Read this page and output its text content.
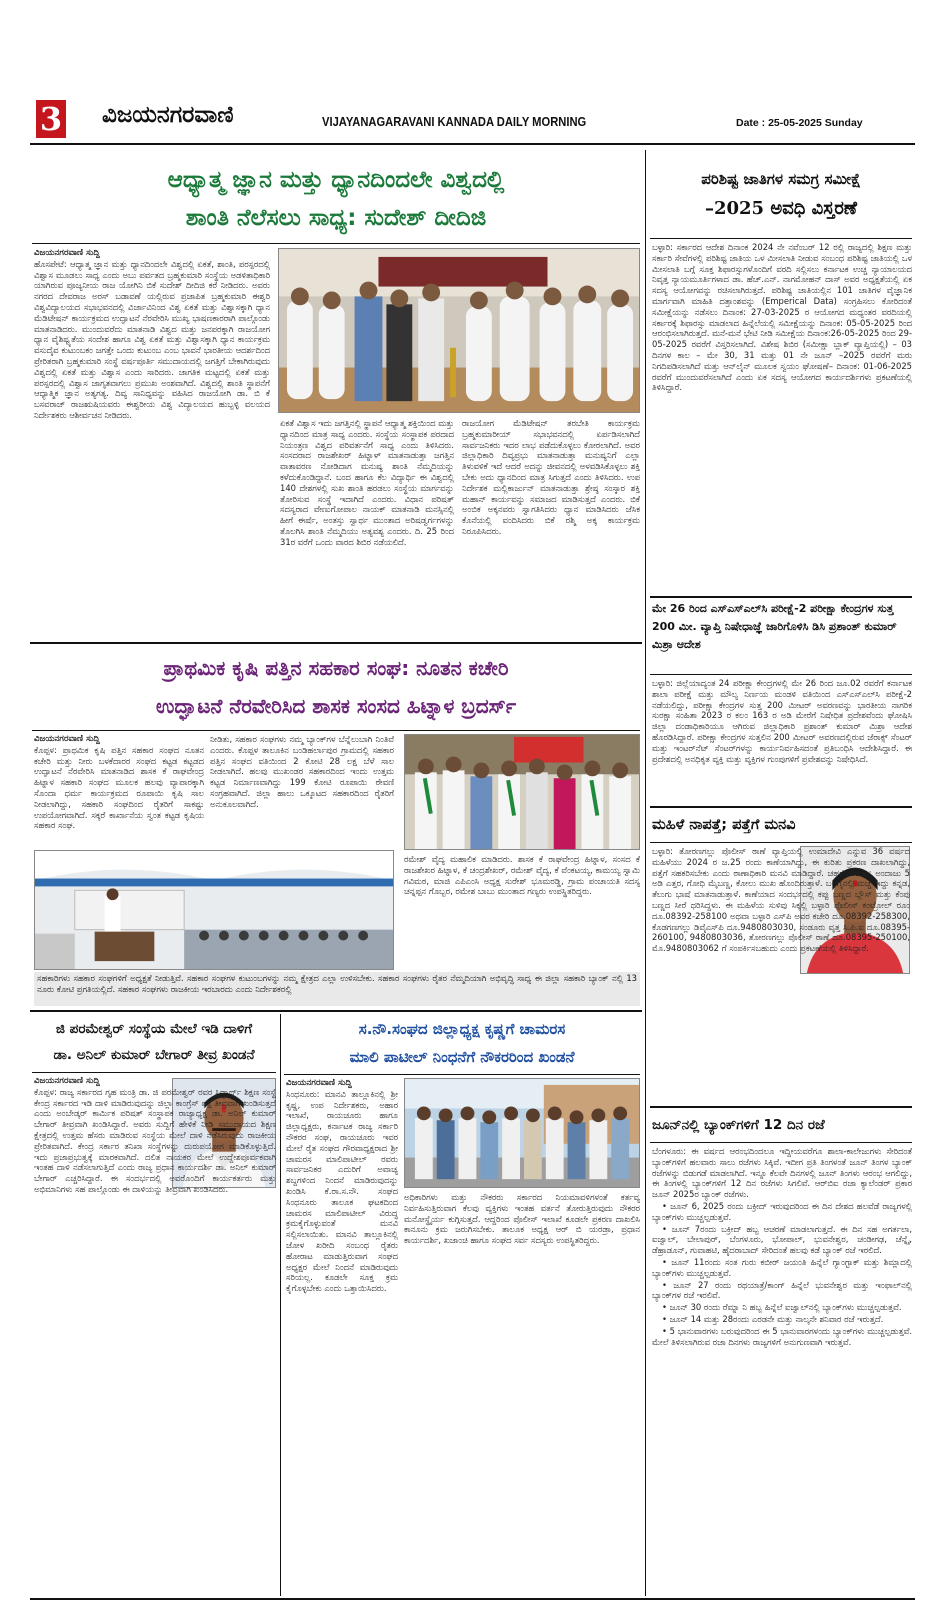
3 ವಿಜಯನಗರವಾಣಿ	VIJAYANAGARAVANI KANNADA DAILY MORNING	Date : 25-05-2025 Sunday
ಆಧ್ಯಾತ್ಮ ಜ್ಞಾನ ಮತ್ತು ಧ್ಯಾನದಿಂದಲೇ ವಿಶ್ವದಲ್ಲಿ
ಶಾಂತಿ ನೆಲೆಸಲು ಸಾಧ್ಯ: ಸುದೇಶ್ ದೀದಿಜಿ
ವಿಜಯನಗರವಾಣಿ ಸುದ್ದಿ

ಹೊಸಪೇಟೆ: ಆಧ್ಯಾತ್ಮ ಜ್ಞಾನ ಮತ್ತು ಧ್ಯಾನದಿಂದಲೇ ವಿಶ್ವದಲ್ಲಿ ಏಕತೆ, ಶಾಂತಿ, ಪರಸ್ಪರದಲ್ಲಿ ವಿಶ್ವಾಸ ಮೂಡಲು ಸಾಧ್ಯ ಎಂದು ಅಬು ಪರ್ವತದ ಬ್ರಹ್ಮಕುಮಾರಿ ಸಂಸ್ಥೆಯ ಅಡಳಿತಾಧಿಕಾರಿ ಯಾಗಿರುವ ಪೂಜ್ಯನೀಯ ರಾಜ ಯೋಗಿನಿ ಬಿಕೆ ಸುದೇಶ್ ದೀದಿಜಿ ಕರೆ ನೀಡಿದರು. ಅವರು ನಗರದ ದೇವರಾಜ ಅರಸ್ ಬಡಾವಣೆ ಯಲ್ಲಿರುವ ಪ್ರಜಾಪಿತ ಬ್ರಹ್ಮಕುಮಾರಿ ಈಶ್ವರಿ ವಿಶ್ವವಿದ್ಯಾಲಯದ ಸಭಾಭವನದಲ್ಲಿ ವಿರ್ಜಾವಿನಿಂದ ವಿಶ್ವ ಏಕತೆ ಮತ್ತು ವಿಶ್ವಾಸಕ್ಕಾಗಿ ಧ್ಯಾನ ಮೆಡಿಟೇಷನ್ ಕಾರ್ಯಕ್ರಮದ ಉದ್ಘಾಟನೆ ನೆರವೇರಿಸಿ ಮುಖ್ಯ ಭಾಷಣಕಾರರಾಗಿ ಪಾಲ್ಗೊಂಡು ಮಾತನಾಡಿದರು. ಮುಂದುವರೆದು ಮಾತನಾಡಿ ವಿಶ್ವದ ಮತ್ತು ಜನಪರಕ್ಕಾಗಿ ರಾಜಯೋಗ ಧ್ಯಾನ ವೈಶಿಷ್ಟ್ಯತೆಯ ಸಂದೇಶ ಹಾಗೂ ವಿಶ್ವ ಏಕತೆ ಮತ್ತು ವಿಶ್ವಾಸಕ್ಕಾಗಿ ಧ್ಯಾನ ಕಾರ್ಯಕ್ರಮ ವಸುದೈವ ಕುಟುಂಬಕಂ ಜಗತ್ತೇ ಒಂದು ಕುಟುಂಬ ಎಂಬ ಭಾವನೆ ಭಾರತೀಯ ಆದರ್ಶದಿಂದ ಪ್ರೇರಿತರಾಗಿ ಬ್ರಹ್ಮಕುಮಾರಿ ಸಂಸ್ಥೆ ವರ್ಷಪೂರ್ತಿ ಸಮುದಾಯದಲ್ಲಿ ಜಗತ್ತಿಗೆ ಬೇಕಾಗಿರುವುದು ವಿಶ್ವದಲ್ಲಿ ಏಕತೆ ಮತ್ತು ವಿಶ್ವಾಸ ಎಂದು ಸಾರಿದರು. ಜಾಗತಿಕ ಮಟ್ಟದಲ್ಲಿ ಏಕತೆ ಮತ್ತು ಪರಸ್ಪರದಲ್ಲಿ ವಿಶ್ವಾಸ ಜಾಗೃತವಾಗಲು ಪ್ರಮುಖ ಅಂಶವಾಗಿದೆ. ವಿಶ್ವದಲ್ಲಿ ಶಾಂತಿ ಸ್ಥಾಪನೆಗೆ ಆಧ್ಯಾತ್ಮಿಕ ಜ್ಞಾನ ಅತ್ಯಗತ್ಯ. ದಿವ್ಯ ಸಾನಿಧ್ಯವನ್ನು ವಹಿಸಿದ ರಾಜಯೋಗಿ ಡಾ. ಬಿ ಕೆ ಬಸವರಾಜ್ ರಾಜಋಷಿಯವರು ಈಶ್ವರೀಯ ವಿಶ್ವ ವಿದ್ಯಾಲಯದ ಹುಬ್ಬಳ್ಳಿ ವಲಯದ ನಿರ್ದೇಶಕರು ಆಶೀರ್ವಚನ ನೀಡಿದರು.

ಏಕತೆ ವಿಶ್ವಾಸ ಇದು ಜಗತ್ತಿನಲ್ಲಿ ಸ್ಥಾಪನೆ ಆಧ್ಯಾತ್ಮ ಶಕ್ತಿಯಿಂದ ಮತ್ತು ಧ್ಯಾನದಿಂದ ಮಾತ್ರ ಸಾಧ್ಯ ಎಂದರು. ಸಂಸ್ಥೆಯ ಸಂಸ್ಥಾಪಕ ಪರದಾದ ನಿಯಂತ್ರಣ ವಿಶ್ವದ ಪರಿವರ್ತನೆಗೆ ಸಾಧ್ಯ ಎಂದು ತಿಳಿಸಿದರು. ಸಂಸದರಾದ ರಾಜಶೇಖರ್ ಹಿಟ್ನಾಳ್ ಮಾತನಾಡುತ್ತಾ ಜಗತ್ತಿನ ವಾತಾವರಣ ನೋಡಿದಾಗ ಮನುಷ್ಯ ಶಾಂತಿ ನೆಮ್ಮದಿಯನ್ನು ಕಳೆದುಕೊಂಡಿದ್ದಾನೆ. ಬಂದ ಹಾಗೂ ಕೆಲ ವಿದ್ಯಾರ್ಥಿ ಈ ವಿಶ್ವದಲ್ಲಿ 140 ದೇಶಗಳಲ್ಲಿ ಸುಖ ಶಾಂತಿ ಹರಡಲು ಸಂಸ್ಥೆಯ ಮಾರ್ಗವನ್ನು ತೋರಿಸುವ ಸಂಸ್ಥೆ ಇದಾಗಿದೆ ಎಂದರು. ವಿಧಾನ ಪರಿಷತ್ ಸದಸ್ಯರಾದ ವೇಣುಗೋಪಾಲ ನಾಯಕ್ ಮಾತನಾಡಿ ಮನಸ್ಸಿನಲ್ಲಿ ಹೀಗೆ ಈರ್ಷೆ, ಅಂತಸ್ತು ಸ್ವಾರ್ಥ ಮುಂತಾದ ಅರಿಷಡ್ವರ್ಗಗಳನ್ನು ತೊಲಗಿಸಿ ಶಾಂತಿ ನೆಮ್ಮದಿಯು ಅತ್ಯವಶ್ಯ ಎಂದರು. ದಿ. 25 ರಿಂದ 31ರ ವರೆಗೆ ಒಂದು ವಾರದ ಶಿಬಿರ ನಡೆಯಲಿದೆ.

ರಾಜಯೋಗ ಮೆಡಿಟೇಷನ್ ತರಬೇತಿ ಕಾರ್ಯಕ್ರಮ ಬ್ರಹ್ಮಕುಮಾರೀಯ್ ಸಭಾಭವನದಲ್ಲಿ ಏರ್ಪಡಿಸಲಾಗಿದೆ ಸಾರ್ವಜನಿಕರು ಇದರ ಲಾಭ ಪಡೆದುಕೊಳ್ಳಲು ಕೋರಲಾಗಿದೆ. ಅವರ ಜಿಲ್ಲಾಧಿಕಾರಿ ದಿವ್ಯಪ್ರಭು ಮಾತನಾಡುತ್ತಾ ಮನುಷ್ಯನಿಗೆ ಎಲ್ಲಾ ತಿಳುವಳಿಕೆ ಇದೆ ಆದರೆ ಅದನ್ನು ಜೀವನದಲ್ಲಿ ಅಳವಡಿಸಿಕೊಳ್ಳಲು ಶಕ್ತಿ ಬೇಕು ಅದು ಧ್ಯಾನದಿಂದ ಮಾತ್ರ ಸಿಗುತ್ತದೆ ಎಂದು ತಿಳಿಸಿದರು. ಉಪ ನಿರ್ದೇಶಕ ಮಲ್ಲಿಕಾರ್ಜುನ್ ಮಾತನಾಡುತ್ತಾ ಶ್ರೇಷ್ಠ ಸಂಸ್ಕಾರ ಶಕ್ತಿ ಮಹಾನ್ ಕಾರ್ಯವನ್ನು ಸಮಾಜದ ಮಾಡಿಸುತ್ತದೆ ಎಂದರು. ಬಿಕೆ ಅಂಬಿಕ ಅಕ್ಕನವರು ಸ್ವಾಗತಿಸಿದರು ಧ್ಯಾನ ಮಾಡಿಸಿದರು ಜೆಸಿಕ ಕೊನೆಯಲ್ಲಿ ವಂದಿಸಿದರು ಬಿಕೆ ರಶ್ಮಿ ಅಕ್ಕ ಕಾರ್ಯಕ್ರಮ ನಿರೂಪಿಸಿದರು.

ಪ್ರಾಥಮಿಕ ಕೃಷಿ ಪತ್ತಿನ ಸಹಕಾರ ಸಂಘ: ನೂತನ ಕಚೇರಿ
ಉದ್ಘಾಟನೆ ನೆರವೇರಿಸಿದ ಶಾಸಕ ಸಂಸದ ಹಿಟ್ನಾಳ ಬ್ರದರ್ಸ್
ವಿಜಯನಗರವಾಣಿ ಸುದ್ದಿ

ಕೊಪ್ಪಳ: ಪ್ರಾಥಮಿಕ ಕೃಷಿ ಪತ್ತಿನ ಸಹಕಾರ ಸಂಘದ ನೂತನ ಕಚೇರಿ ಮತ್ತು ನೀರು ಬಳಕೆದಾರರ ಸಂಘದ ಕಟ್ಟಡ ಕಟ್ಟಡದ ಉದ್ಘಾಟನೆ ನೆರವೇರಿಸಿ ಮಾತನಾಡಿದ ಶಾಸಕ ಕೆ ರಾಘವೇಂದ್ರ ಹಿಟ್ನಾಳ ಸಹಕಾರಿ ಸಂಘದ ಮೂಲಕ ಹಲವು ವ್ಯಾಪಾರಕ್ಕಾಗಿ ಸೊಂದಾ ಧರ್ಮ ಕಾರ್ಯಕ್ರಮದ ರೂಪಾಯಿ ಕೃಷಿ ಸಾಲ ನೀಡಲಾಗಿದ್ದು, ಸಹಕಾರಿ ಸಂಘದಿಂದ ರೈತರಿಗೆ ಸಾಕಷ್ಟು ಉಪಯೋಗವಾಗಿದೆ. ಸಕ್ಕರೆ ಕಾರ್ಖಾನೆಯ ಸ್ವಂತ ಕಟ್ಟಡ ಕೃಷಿಯ ಸಹಕಾರ ಸಂಘ.

ನೀಡಿತು, ಸಹಕಾರ ಸಂಘಗಳು ನಮ್ಮ ಬ್ಯಾಂಕ್‌ಗಳ ಬೆನ್ನೆಲುಬಾಗಿ ನಿಂತಿವೆ ಎಂದರು. ಕೊಪ್ಪಳ ತಾಲೂಕಿನ ಬಂಡಿಹರ್ಲಾಪುರ ಗ್ರಾಮದಲ್ಲಿ ಸಹಕಾರ ಪತ್ತಿನ ಸಂಘದ ವತಿಯಿಂದ 2 ಕೋಟಿ 28 ಲಕ್ಷ ಬೆಳೆ ಸಾಲ ನೀಡಲಾಗಿದೆ. ಹಲವು ಮುಖಂಡರ ಸಹಕಾರದಿಂದ ಇಂದು ಉತ್ತಮ ಕಟ್ಟಡ ನಿರ್ಮಾಣವಾಗಿದ್ದು 199 ಕೋಟಿ ರೂಪಾಯಿ ಠೇವಣಿ ಸಂಗ್ರಹವಾಗಿದೆ. ಜಿಲ್ಲಾ ಹಾಲು ಒಕ್ಕೂಟದ ಸಹಕಾರದಿಂದ ರೈತರಿಗೆ ಅನುಕೂಲವಾಗಿದೆ.

ರಮೇಶ್ ವೈದ್ಯ ಮಹಾಲಿಕ ಮಾಡಿದರು. ಶಾಸಕ ಕೆ ರಾಘವೇಂದ್ರ ಹಿಟ್ನಾಳ, ಸಂಸದ ಕೆ ರಾಜಶೇಖರ ಹಿಟ್ನಾಳ, ಕೆ ಚಂದ್ರಶೇಖರ್, ರಮೇಶ್ ವೈದ್ಯ, ಕೆ ವೆಂಕಟಯ್ಯ, ಕಾಮಯ್ಯ ಸ್ವಾಮಿ ಗವಿಮಠ, ಮಾಜಿ ಎಪಿಎಂಸಿ ಅಧ್ಯಕ್ಷ ಸುರೇಶ್ ಭೂಮರಡ್ಡಿ, ಗ್ರಾಮ ಪಂಚಾಯತಿ ಸದಸ್ಯ ಚನ್ನಪ್ಪನ ಗೊಬ್ಬರ, ರಮೇಶ ಬಾಬು ಮುಂತಾದ ಗಣ್ಯರು ಉಪಸ್ಥಿತರಿದ್ದರು.

ಸಹಕಾರಿಗಳು ಸಹಕಾರ ಸಂಘಗಳಿಗೆ ಅಧ್ಯಕ್ಷತೆ ನೀಡುತ್ತಿವೆ. ಸಹಕಾರ ಸಂಘಗಳ ಕುಟುಂಬಗಳನ್ನು ನಮ್ಮ ಕ್ಷೇತ್ರದ ಎಲ್ಲಾ ಉಳಿಸಬೇಕು. ಸಹಕಾರ ಸಂಘಗಳು ರೈತರ ನೆಮ್ಮದಿಯಾಗಿ ಅಭಿವೃದ್ಧಿ ಸಾಧ್ಯ ಈ ಜಿಲ್ಲಾ ಸಹಕಾರಿ ಬ್ಯಾಂಕ್ ನಲ್ಲಿ 13 ನೂರು ಕೋಟಿ ಪ್ರಗತಿಯಲ್ಲಿದೆ. ಸಹಕಾರ ಸಂಘಗಳು ರಾಜಕೀಯ ಇರಬಾರದು ಎಂದು ನಿರ್ದೇಶಕರಲ್ಲಿ
ಜಿ ಪರಮೇಶ್ವರ್ ಸಂಸ್ಥೆಯ ಮೇಲೆ ಇಡಿ ದಾಳಿಗೆ
ಡಾ. ಅನಿಲ್ ಕುಮಾರ್ ಬೇಗಾರ್ ತೀವ್ರ ಖಂಡನೆ
ವಿಜಯನಗರವಾಣಿ ಸುದ್ದಿ

ಕೊಪ್ಪಳ: ರಾಜ್ಯ ಸರ್ಕಾರದ ಗೃಹ ಮಂತ್ರಿ ಡಾ. ಜಿ ಪರಮೇಶ್ವರ್ ರವರ ಸಿದ್ಧಾರ್ಥ್ ಶಿಕ್ಷಣ ಸಂಸ್ಥೆ ಕೇಂದ್ರ ಸರ್ಕಾರದ ಇಡಿ ದಾಳಿ ಮಾಡಿರುವುದನ್ನು ಜಿಲ್ಲಾ ಕಾಂಗ್ರೆಸ್ ಪಕ್ಷ ತೀವ್ರವಾಗಿ ಖಂಡಿಸುತ್ತದೆ ಎಂದು ಅಂಬೇಡ್ಕರ್ ಕಾರ್ಮಿಕ ಪರಿಷತ್ ಸಂಸ್ಥಾಪಕ ರಾಜ್ಯಾಧ್ಯಕ್ಷ ಡಾ. ಅನಿಲ್ ಕುಮಾರ್ ಬೇಗಾರ್ ತೀವ್ರವಾಗಿ ಖಂಡಿಸಿದ್ದಾರೆ. ಅವರು ಸುದ್ದಿಗೆ ಹೇಳಿಕೆ ನೀಡಿ ಸಮುದಾಯದ ಶಿಕ್ಷಣ ಕ್ಷೇತ್ರದಲ್ಲಿ ಉತ್ತಮ ಹೆಸರು ಮಾಡಿರುವ ಸಂಸ್ಥೆಯ ಮೇಲೆ ದಾಳಿ ನಡೆಸಿರುವುದು ರಾಜಕೀಯ ಪ್ರೇರಿತವಾಗಿದೆ. ಕೇಂದ್ರ ಸರ್ಕಾರ ತನಿಖಾ ಸಂಸ್ಥೆಗಳನ್ನು ದುರುಪಯೋಗ ಮಾಡಿಕೊಳ್ಳುತ್ತಿದೆ. ಇದು ಪ್ರಜಾಪ್ರಭುತ್ವಕ್ಕೆ ಮಾರಕವಾಗಿದೆ. ದಲಿತ ನಾಯಕರ ಮೇಲೆ ಉದ್ದೇಶಪೂರ್ವಕವಾಗಿ ಇಂತಹ ದಾಳಿ ನಡೆಸಲಾಗುತ್ತಿದೆ ಎಂದು ರಾಜ್ಯ ಪ್ರಧಾನ ಕಾರ್ಯದರ್ಶಿ ಡಾ. ಅನಿಲ್ ಕುಮಾರ್ ಬೇಗಾರ್ ಎಚ್ಚರಿಸಿದ್ದಾರೆ. ಈ ಸಂದರ್ಭದಲ್ಲಿ ಅವರೊಂದಿಗೆ ಕಾರ್ಯಕರ್ತರು ಮತ್ತು ಅಭಿಮಾನಿಗಳು ಸಹ ಪಾಲ್ಗೊಂಡು ಈ ದಾಳಿಯನ್ನು ತೀವ್ರವಾಗಿ ಖಂಡಿಸಿದರು.

ಸ.ನೌ.ಸಂಘದ ಜಿಲ್ಲಾಧ್ಯಕ್ಷ ಕೃಷ್ಣಗೆ ಚಾಮರಸ
ಮಾಲಿ ಪಾಟೀಲ್ ನಿಂಧನೆಗೆ ನೌಕರರಿಂದ ಖಂಡನೆ
ವಿಜಯನಗರವಾಣಿ ಸುದ್ದಿ

ಸಿಂಧನೂರು: ಮಾನವಿ ತಾಲ್ಲೂಕಿನಲ್ಲಿ ಶ್ರೀ ಕೃಷ್ಣ, ಉಪ ನಿರ್ದೇಶಕರು, ಅಹಾರ ಇಲಾಖೆ, ರಾಯಚೂರು ಹಾಗೂ ಜಿಲ್ಲಾಧ್ಯಕ್ಷರು, ಕರ್ನಾಟಕ ರಾಜ್ಯ ಸರ್ಕಾರಿ ನೌಕರರ ಸಂಘ, ರಾಯಚೂರು ಇವರ ಮೇಲೆ ರೈತ ಸಂಘದ ಗೌರವಾಧ್ಯಕ್ಷರಾದ ಶ್ರೀ ಚಾಮರಸ ಮಾಲಿಪಾಟೀಲ್ ರವರು ಸಾರ್ವಜನಿಕರ ಎದುರಿಗೆ ಅವಾಚ್ಯ ಶಬ್ದಗಳಿಂದ ನಿಂದನೆ ಮಾಡಿರುವುದನ್ನು ಖಂಡಿಸಿ ಕೆ.ರಾ.ಸ.ನೌ. ಸಂಘದ ಸಿಂಧನೂರು ತಾಲೂಕ ಘಟಕದಿಂದ ಚಾಮರಸ ಮಾಲಿಪಾಟೀಲ್ ವಿರುದ್ಧ ಕ್ರಮಕೈಗೊಳ್ಳುವಂತೆ ಮನವಿ ಸಲ್ಲಿಸಲಾಯಿತು. ಮಾನವಿ ತಾಲ್ಲೂಕಿನಲ್ಲಿ ಜೋಳ ಖರೀದಿ ಸಂಬಂಧ ರೈತರು ಹೋರಾಟ ಮಾಡುತ್ತಿರುವಾಗ ಸಂಘದ ಅಧ್ಯಕ್ಷರ ಮೇಲೆ ನಿಂದನೆ ಮಾಡಿರುವುದು ಸರಿಯಲ್ಲ. ಕೂಡಲೇ ಸೂಕ್ತ ಕ್ರಮ ಕೈಗೊಳ್ಳಬೇಕು ಎಂದು ಒತ್ತಾಯಿಸಿದರು.

ಅಧಿಕಾರಿಗಳು ಮತ್ತು ನೌಕರರು ಸರ್ಕಾರದ ನಿಯಮಾವಳಿಗಳಂತೆ ಕರ್ತವ್ಯ ನಿರ್ವಹಿಸುತ್ತಿರುವಾಗ ಕೆಲವು ವ್ಯಕ್ತಿಗಳು ಇಂತಹ ವರ್ತನೆ ತೋರುತ್ತಿರುವುದು ನೌಕರರ ಮನೋಸ್ಥೈರ್ಯ ಕುಗ್ಗಿಸುತ್ತದೆ. ಆದ್ದರಿಂದ ಪೊಲೀಸ್ ಇಲಾಖೆ ಕೂಡಲೇ ಪ್ರಕರಣ ದಾಖಲಿಸಿ ಕಾನೂನು ಕ್ರಮ ಜರುಗಿಸಬೇಕು. ತಾಲೂಕ ಅಧ್ಯಕ್ಷ ಆರ್ ಬಿ ಯರಡ್ರಾ, ಪ್ರಧಾನ ಕಾರ್ಯದರ್ಶಿ, ಖಜಾಂಚಿ ಹಾಗೂ ಸಂಘದ ಸರ್ವ ಸದಸ್ಯರು ಉಪಸ್ಥಿತರಿದ್ದರು.

ಪರಿಶಿಷ್ಟ ಜಾತಿಗಳ ಸಮಗ್ರ ಸಮೀಕ್ಷೆ
–2025 ಅವಧಿ ವಿಸ್ತರಣೆ

ಬಳ್ಳಾರಿ: ಸರ್ಕಾರದ ಆದೇಶ ದಿನಾಂಕ 2024 ನೇ ನವೆಂಬರ್ 12 ರಲ್ಲಿ ರಾಜ್ಯದಲ್ಲಿ ಶಿಕ್ಷಣ ಮತ್ತು ಸರ್ಕಾರಿ ಸೇವೆಗಳಲ್ಲಿ ಪರಿಶಿಷ್ಟ ಜಾತಿಯ ಒಳ ಮೀಸಲಾತಿ ನೀಡುವ ಸಂಬಂಧ ಪರಿಶಿಷ್ಟ ಜಾತಿಯಲ್ಲಿ ಒಳ ಮೀಸಲಾತಿ ಬಗ್ಗೆ ಸೂಕ್ತ ಶಿಫಾರಸ್ಸುಗಳೊಂದಿಗೆ ವರದಿ ಸಲ್ಲಿಸಲು ಕರ್ನಾಟಕ ಉಚ್ಚ ನ್ಯಾಯಾಲಯದ ನಿವೃತ್ತ ನ್ಯಾಯಮೂರ್ತಿಗಳಾದ ಡಾ. ಹೆಚ್.ಎನ್. ನಾಗಮೋಹನ್ ದಾಸ್ ಅವರ ಅಧ್ಯಕ್ಷತೆಯಲ್ಲಿ ಏಕ ಸದಸ್ಯ ಆಯೋಗವನ್ನು ರಚಿಸಲಾಗಿರುತ್ತದೆ. ಪರಿಶಿಷ್ಟ ಜಾತಿಯಲ್ಲಿನ 101 ಜಾತಿಗಳ ವೈಜ್ಞಾನಿಕ ಮಾರ್ಗವಾಗಿ ಮಾಹಿತಿ ದತ್ತಾಂಶವನ್ನು (Emperical Data) ಸಂಗ್ರಹಿಸಲು ಕೋರಿದಂತೆ ಸಮೀಕ್ಷೆಯನ್ನು ನಡೆಸಲು ದಿನಾಂಕ: 27-03-2025 ರ ಆಯೋಗದ ಮಧ್ಯಂತರ ವರದಿಯಲ್ಲಿ ಸರ್ಕಾರಕ್ಕೆ ಶಿಫಾರಸ್ಸು ಮಾಡಲಾದ ಹಿನ್ನೆಲೆಯಲ್ಲಿ ಸಮೀಕ್ಷೆಯನ್ನು ದಿನಾಂಕ: 05-05-2025 ರಿಂದ ಆರಂಭಿಸಲಾಗಿರುತ್ತದೆ. ಮನೆ-ಮನೆ ಭೇಟಿ ನೀಡಿ ಸಮೀಕ್ಷೆಯ ದಿನಾಂಕ:26-05-2025 ರಿಂದ 29-05-2025 ರವರೆಗೆ ವಿಸ್ತರಿಸಲಾಗಿದೆ. ವಿಶೇಷ ಶಿಬಿರ (ಸಮೀಕ್ಷಾ ಬ್ಲಾಕ್ ವ್ಯಾಪ್ತಿಯಲ್ಲಿ) – 03 ದಿನಗಳ ಕಾಲ – ಮೇ 30, 31 ಮತ್ತು 01 ನೇ ಜೂನ್ –2025 ರವರೆಗೆ ಮರು ನಿಗದಿಪಡಿಸಲಾಗಿದೆ ಮತ್ತು ಆನ್‌ಲೈನ್ ಮೂಲಕ ಸ್ವಯಂ ಘೋಷಣೆ– ದಿನಾಂಕ: 01-06-2025 ರವರೆಗೆ ಮುಂದುವರೆಸಲಾಗಿದೆ ಎಂದು ಏಕ ಸದಸ್ಯ ಆಯೋಗದ ಕಾರ್ಯದರ್ಶಿಗಳು ಪ್ರಕಟಣೆಯಲ್ಲಿ ತಿಳಿಸಿದ್ದಾರೆ.

ಮೇ 26 ರಿಂದ ಎಸ್‌ಎಸ್‌ಎಲ್‌ಸಿ ಪರೀಕ್ಷೆ-2 ಪರೀಕ್ಷಾ ಕೇಂದ್ರಗಳ ಸುತ್ತ 200 ಮೀ. ವ್ಯಾಪ್ತಿ ನಿಷೇಧಾಜ್ಞೆ ಜಾರಿಗೊಳಿಸಿ ಡಿಸಿ ಪ್ರಶಾಂತ್ ಕುಮಾರ್ ಮಿಶ್ರಾ ಆದೇಶ

ಬಳ್ಳಾರಿ: ಜಿಲ್ಲೆಯಾದ್ಯಂತ 24 ಪರೀಕ್ಷಾ ಕೇಂದ್ರಗಳಲ್ಲಿ ಮೇ 26 ರಿಂದ ಜೂ.02 ರವರೆಗೆ ಕರ್ನಾಟಕ ಶಾಲಾ ಪರೀಕ್ಷೆ ಮತ್ತು ಮೌಲ್ಯ ನಿರ್ಣಯ ಮಂಡಳಿ ವತಿಯಿಂದ ಎಸ್‌ಎಸ್‌ಎಲ್‌ಸಿ ಪರೀಕ್ಷೆ-2 ನಡೆಯಲಿದ್ದು, ಪರೀಕ್ಷಾ ಕೇಂದ್ರಗಳ ಸುತ್ತ 200 ಮೀಟರ್ ಅವರಣವನ್ನು ಭಾರತೀಯ ನಾಗರಿಕ ಸುರಕ್ಷಾ ಸಂಹಿತಾ 2023 ರ ಕಲಂ 163 ರ ಅಡಿ ಮೇರೆಗೆ ನಿಷೇಧಿತ ಪ್ರದೇಶವೆಂದು ಘೋಷಿಸಿ ಜಿಲ್ಲಾ ದಂಡಾಧಿಕಾರಿಯೂ ಆಗಿರುವ ಜಿಲ್ಲಾಧಿಕಾರಿ ಪ್ರಶಾಂತ್ ಕುಮಾರ್ ಮಿಶ್ರಾ ಆದೇಶ ಹೊರಡಿಸಿದ್ದಾರೆ. ಪರೀಕ್ಷಾ ಕೇಂದ್ರಗಳ ಸುತ್ತಲಿನ 200 ಮೀಟರ್ ಅವರಣದಲ್ಲಿರುವ ಜೆರಾಕ್ಸ್ ಸೆಂಟರ್ ಮತ್ತು ಇಂಟರ್‌ನೆಟ್ ಸೆಂಟರ್‌ಗಳನ್ನು ಕಾರ್ಯನಿರ್ವಹಿಸದಂತೆ ಪ್ರತಿಬಂಧಿಸಿ ಆದೇಶಿಸಿದ್ದಾರೆ. ಈ ಪ್ರದೇಶದಲ್ಲಿ ಅನಧಿಕೃತ ವ್ಯಕ್ತಿ ಮತ್ತು ವ್ಯಕ್ತಿಗಳ ಗುಂಪುಗಳಿಗೆ ಪ್ರವೇಶವನ್ನು ನಿಷೇಧಿಸಿದೆ.

ಮಹಿಳೆ ನಾಪತ್ತೆ; ಪತ್ತೆಗೆ ಮನವಿ

ಬಳ್ಳಾರಿ: ತೋರಣಗಲ್ಲು ಪೊಲೀಸ್ ಠಾಣೆ ವ್ಯಾಪ್ತಿಯಲ್ಲಿ ಉಮಾದೇವಿ ಎನ್ನುವ 36 ವರ್ಷದ ಮಹಿಳೆಯು 2024 ರ ಜ.25 ರಂದು ಕಾಣೆಯಾಗಿದ್ದು, ಈ ಕುರಿತು ಪ್ರಕರಣ ದಾಖಲಾಗಿದ್ದು, ಪತ್ತೆಗೆ ಸಹಕರಿಸಬೇಕು ಎಂದು ಠಾಣಾಧಿಕಾರಿ ಮನವಿ ಮಾಡಿದ್ದಾರೆ. ಚಹರೆ ಗುರುತು: ಅಂದಾಜು 5 ಅಡಿ ಎತ್ತರ, ಗೋಧಿ ಮೈಬಣ್ಣ, ಕೋಲು ಮುಖ ಹೊಂದಿರುತ್ತಾಳೆ. ಬಲಗೈನಲ್ಲಿ ಮಚ್ಚೆ ಇದ್ದು ಕನ್ನಡ, ತೆಲುಗು ಭಾಷೆ ಮಾತನಾಡುತ್ತಾಳೆ. ಕಾಣೆಯಾದ ಸಂದರ್ಭದಲ್ಲಿ ಕಪ್ಪು ಬಣ್ಣದ ಬ್ಲೌಸ್ ಮತ್ತು ಕೆಂಪು ಬಣ್ಣದ ಸೀರೆ ಧರಿಸಿದ್ದಳು. ಈ ಮಹಿಳೆಯ ಸುಳಿವು ಸಿಕ್ಕಲ್ಲಿ ಬಳ್ಳಾರಿ ಪೊಲೀಸ್ ಕಂಟ್ರೋಲ್ ರೂಂ ದೂ.08392-258100 ಅಥವಾ ಬಳ್ಳಾರಿ ಎಸ್‌ಪಿ ಅವರ ಕಚೇರಿ ದೂ.08392-258300, ಕೊಡಗಣಗಲ್ಲು ಡಿವೈಎಸ್‌ಪಿ ದೂ.9480803030, ಸಂಡೂರು ವೃತ್ತ ಸಿ.ಪಿ.ಐ ದೂ.08395-260100, 9480803036, ತೋರಣಗಲ್ಲು ಪೊಲೀಸ್ ಠಾಣೆ ದೂ.08395-250100, ಮೊ.9480803062 ಗೆ ಸಂಪರ್ಕಿಸಬಹುದು ಎಂದು ಪ್ರಕಟಣೆಯಲ್ಲಿ ತಿಳಿಸಿದ್ದಾರೆ.

ಜೂನ್‌ನಲ್ಲಿ ಬ್ಯಾಂಕ್‌ಗಳಿಗೆ 12 ದಿನ ರಜೆ

ಬೆಂಗಳೂರು: ಈ ವರ್ಷದ ಆರಂಭದಿಂದಲೂ ಇದ್ದೀಯವರೆಗೂ ಶಾಲಾ-ಕಾಲೇಜುಗಳು ಸೇರಿದಂತೆ ಬ್ಯಾಂಕ್‌ಗಳಿಗೆ ಹಲವಾರು ಸಾಲು ರಜೆಗಳು ಸಿಕ್ಕಿವೆ. ಇದೀಗ ಪ್ರತಿ ತಿಂಗಳಂತೆ ಜೂನ್ ತಿಂಗಳ ಬ್ಯಾಂಕ್ ರಜೆಗಳನ್ನು ಬಿಡುಗಡೆ ಮಾಡಲಾಗಿದೆ. ಇನ್ನೂ ಕೆಲವೇ ದಿನಗಳಲ್ಲಿ ಜೂನ್ ತಿಂಗಳು ಆರಂಭ ಆಗಲಿದ್ದು, ಈ ತಿಂಗಳಲ್ಲಿ ಬ್ಯಾಂಕ್‌ಗಳಿಗೆ 12 ದಿನ ರಜೆಗಳು ಸಿಗಲಿವೆ. ಆರ್‌ಬಿಐ ರಜಾ ಕ್ಯಾಲೆಂಡರ್ ಪ್ರಕಾರ ಜೂನ್ 2025ರ ಬ್ಯಾಂಕ್ ರಜೆಗಳು.

• ಜೂನ್ 6, 2025 ರಂದು ಬಕ್ರೀದ್ ಇರುವುದರಿಂದ ಈ ದಿನ ದೇಶದ ಹಲವೆಡೆ ರಾಜ್ಯಗಳಲ್ಲಿ ಬ್ಯಾಂಕ್‌ಗಳು ಮುಚ್ಚಲ್ಪಡುತ್ತವೆ.

• ಜೂನ್ 7ರಂದು ಬಕ್ರೀದ್ ಹಬ್ಬ ಆಚರಣೆ ಮಾಡಲಾಗುತ್ತದೆ. ಈ ದಿನ ಸಹ ಅಗರ್ತಲಾ, ಐಜ್ವಾಲ್, ಬೇಲಾಪುರ್, ಬೆಂಗಳೂರು, ಭೋಪಾಲ್, ಭುವನೇಶ್ವರ, ಚಂಡೀಗಢ, ಚೆನ್ನೈ, ಡೆಹ್ರಾಡೂನ್, ಗುವಾಹಟಿ, ಹೈದರಾಬಾದ್ ಸೇರಿದಂತೆ ಹಲವು ಕಡೆ ಬ್ಯಾಂಕ್ ರಜೆ ಇರಲಿದೆ.

• ಜೂನ್ 11ರಂದು ಸಂತ ಗುರು ಕಬೀರ್ ಜಯಂತಿ ಹಿನ್ನೆಲೆ ಗ್ಯಾಂಗ್ಟಾಕ್ ಮತ್ತು ಶಿಮ್ಲಾದಲ್ಲಿ ಬ್ಯಾಂಕ್‌ಗಳು ಮುಚ್ಚಲ್ಪಡುತ್ತವೆ.

• ಜೂನ್ 27 ರಂದು ರಥಯಾತ್ರೆ/ಕಾಂಗ್ ಹಿನ್ನೆಲೆ ಭುವನೇಶ್ವರ ಮತ್ತು ಇಂಫಾಲ್‌ನಲ್ಲಿ ಬ್ಯಾಂಕ್‌ಗಳ ರಜೆ ಇರಲಿವೆ.

• ಜೂನ್ 30 ರಂದು ರೆಮ್ನಾ ನಿ ಹಬ್ಬ ಹಿನ್ನೆಲೆ ಐಜ್ವಾಲ್‌ನಲ್ಲಿ ಬ್ಯಾಂಕ್‌ಗಳು ಮುಚ್ಚಲ್ಪಡುತ್ತವೆ.

• ಜೂನ್ 14 ಮತ್ತು 28ರಂದು ಎರಡನೇ ಮತ್ತು ನಾಲ್ಕನೇ ಶನಿವಾರ ರಜೆ ಇರುತ್ತದೆ.

• 5 ಭಾನುವಾರಗಳು ಬರುವುದರಿಂದ ಈ 5 ಭಾನುವಾರಗಳಂದು ಬ್ಯಾಂಕ್‌ಗಳು ಮುಚ್ಚಲ್ಪಡುತ್ತವೆ. ಮೇಲೆ ತಿಳಿಸಲಾಗಿರುವ ರಜಾ ದಿನಗಳು ರಾಜ್ಯಗಳಿಗೆ ಅನುಗುಣವಾಗಿ ಇರುತ್ತವೆ.
